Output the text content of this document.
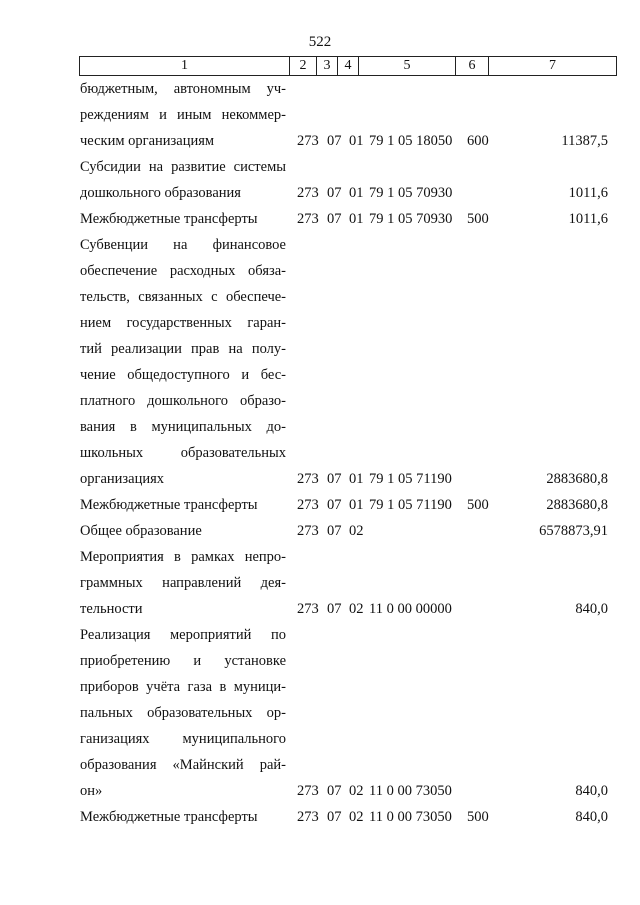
522
1	2	3	4	5	6	7
бюджетным, автономным уч-
реждениям и иным некоммер-
ческим организациям	273 07 01 79 1 05 18050 600	11387,5
Субсидии на развитие системы
дошкольного образования	273 07 01 79 1 05 70930	1011,6
Межбюджетные трансферты	273 07 01 79 1 05 70930 500	1011,6
Субвенции на финансовое
обеспечение расходных обяза-
тельств, связанных с обеспече-
нием государственных гаран-
тий реализации прав на полу-
чение общедоступного и бес-
платного дошкольного образо-
вания в муниципальных до-
школьных образовательных
организациях	273 07 01 79 1 05 71190	2883680,8
Межбюджетные трансферты	273 07 01 79 1 05 71190 500	2883680,8
Общее образование	273 07 02	6578873,91
Мероприятия в рамках непро-
граммных направлений дея-
тельности	273 07 02 11 0 00 00000	840,0
Реализация мероприятий по
приобретению и установке
приборов учёта газа в муници-
пальных образовательных ор-
ганизациях муниципального
образования «Майнский рай-
он»	273 07 02 11 0 00 73050	840,0
Межбюджетные трансферты	273 07 02 11 0 00 73050 500	840,0
